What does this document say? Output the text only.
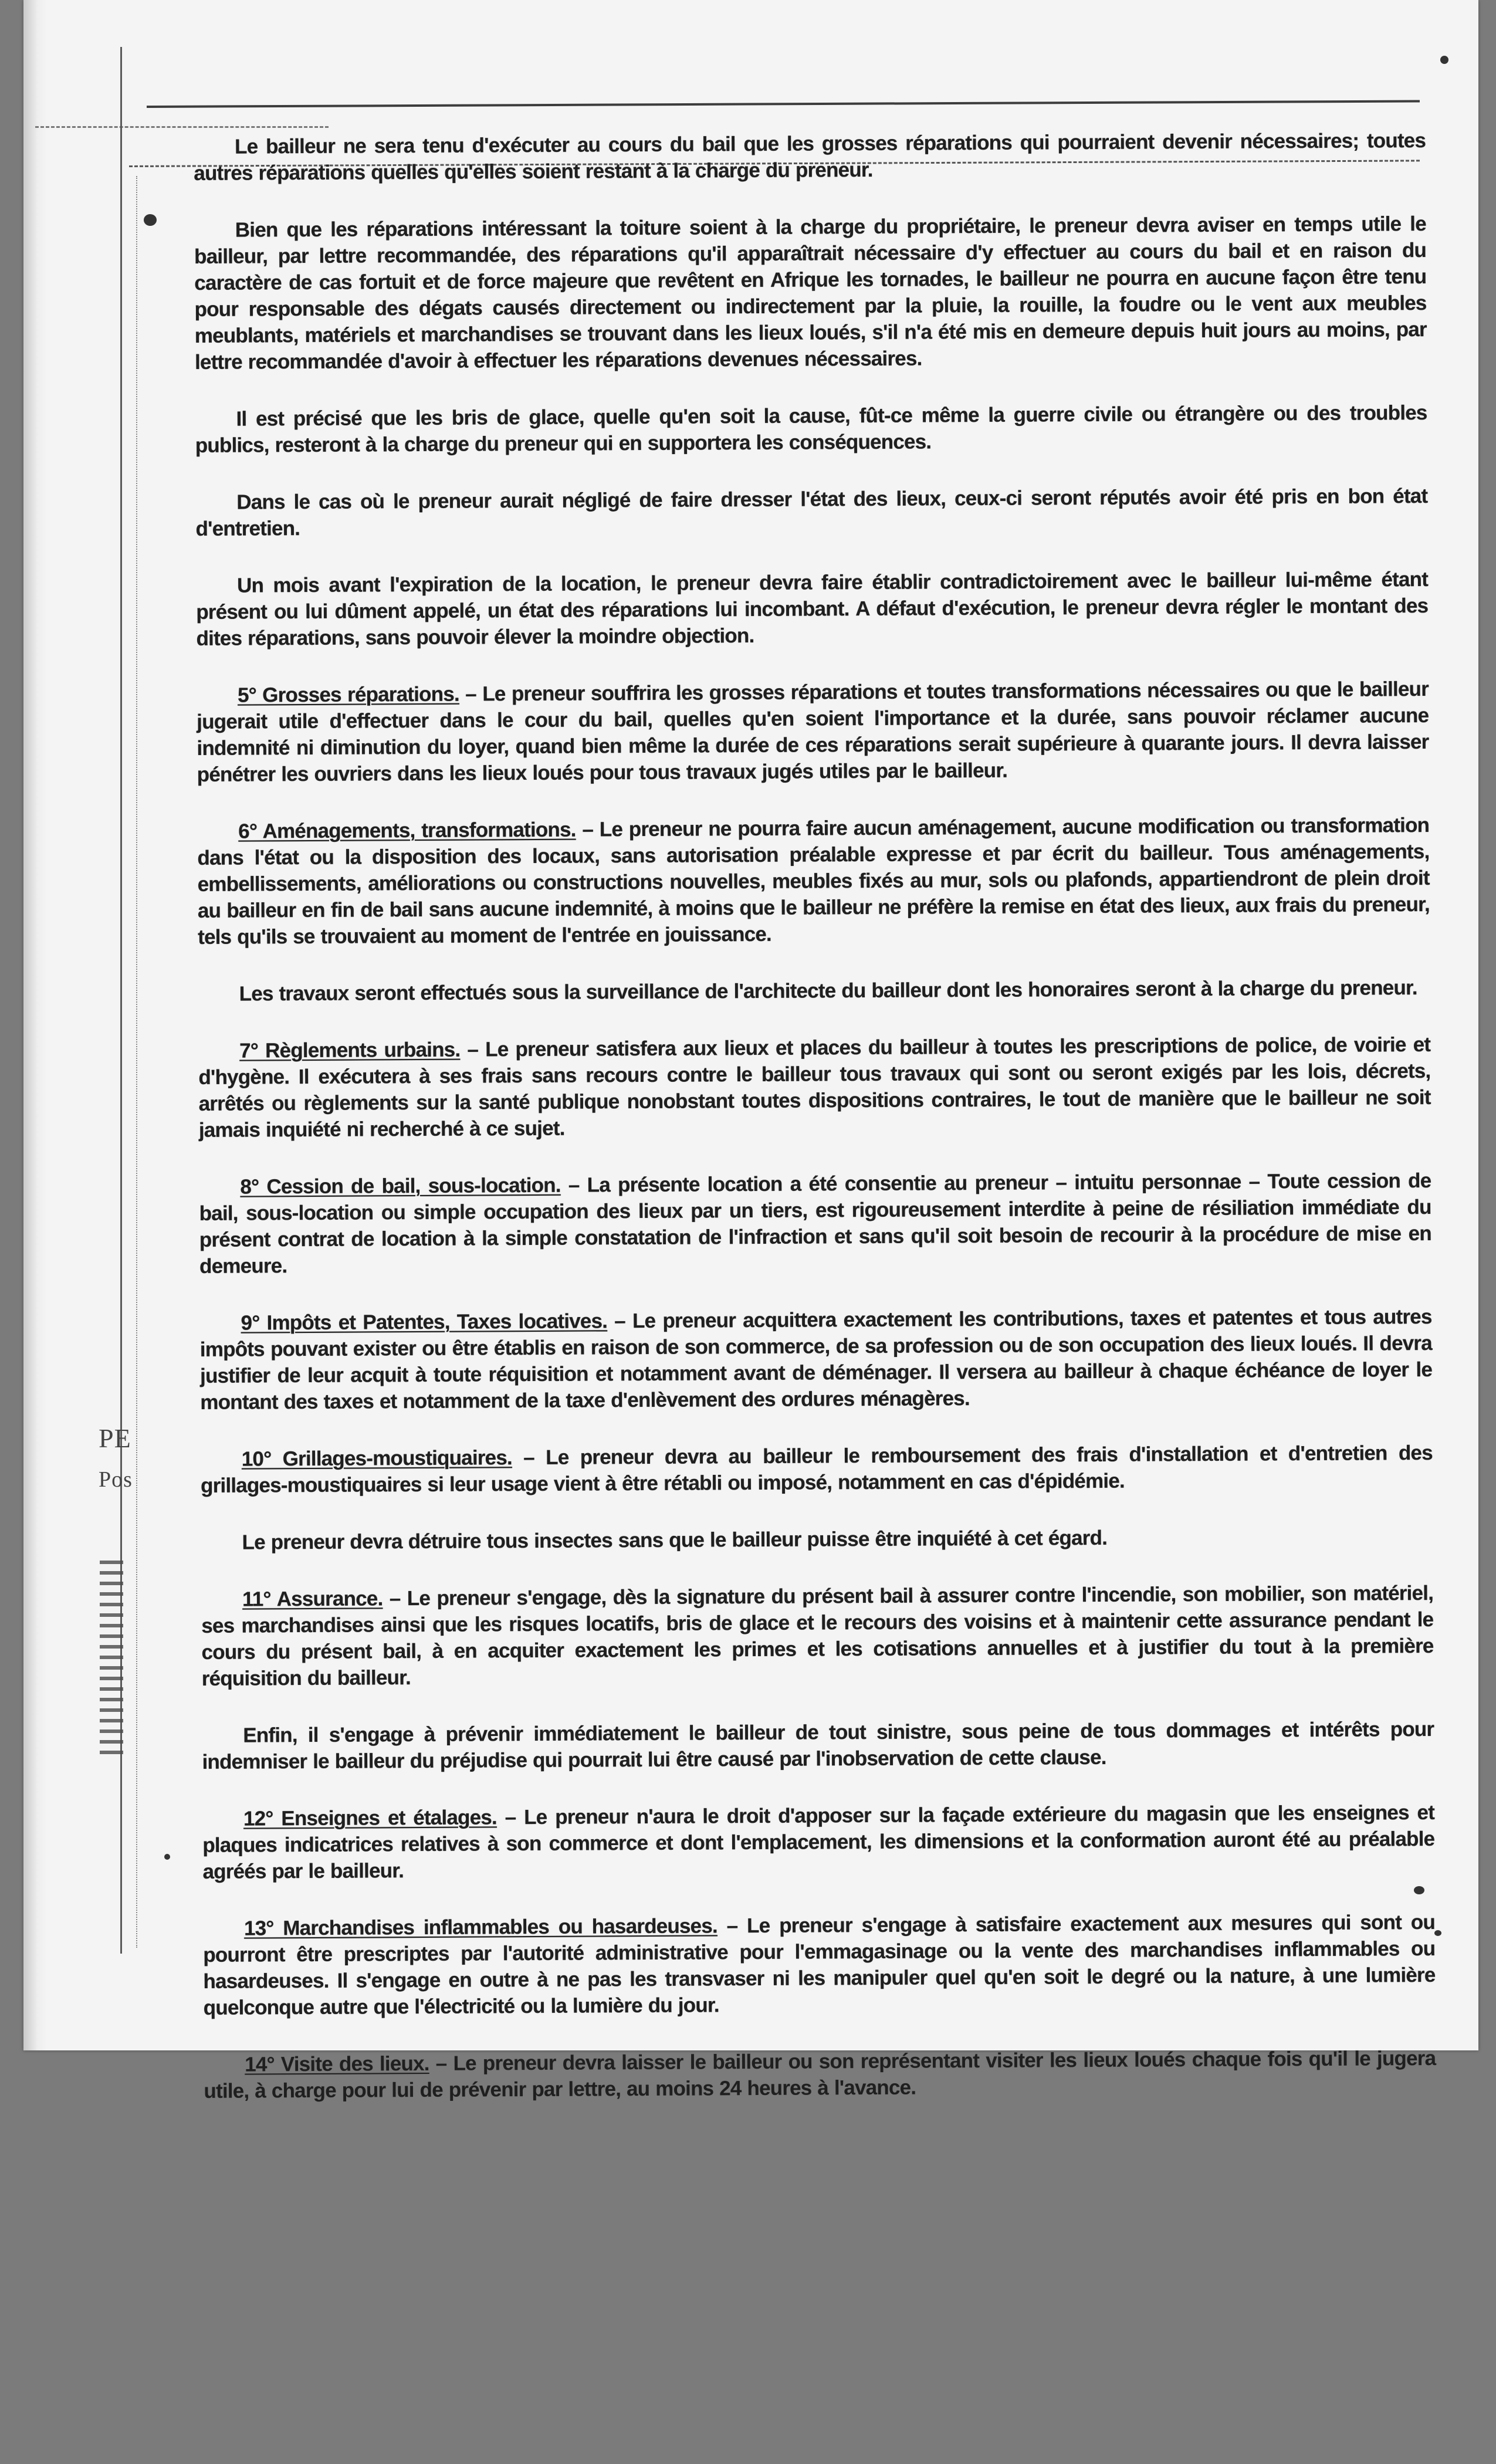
PE
Pos

Le bailleur ne sera tenu d'exécuter au cours du bail que les grosses réparations qui pourraient devenir nécessaires; toutes autres réparations quelles qu'elles soient restant à la charge du preneur.

Bien que les réparations intéressant la toiture soient à la charge du propriétaire, le preneur devra aviser en temps utile le bailleur, par lettre recommandée, des réparations qu'il apparaîtrait nécessaire d'y effectuer au cours du bail et en raison du caractère de cas fortuit et de force majeure que revêtent en Afrique les tornades, le bailleur ne pourra en aucune façon être tenu pour responsable des dégats causés directement ou indirectement par la pluie, la rouille, la foudre ou le vent aux meubles meublants, matériels et marchandises se trouvant dans les lieux loués, s'il n'a été mis en demeure depuis huit jours au moins, par lettre recommandée d'avoir à effectuer les réparations devenues nécessaires.

Il est précisé que les bris de glace, quelle qu'en soit la cause, fût-ce même la guerre civile ou étrangère ou des troubles publics, resteront à la charge du preneur qui en supportera les conséquences.

Dans le cas où le preneur aurait négligé de faire dresser l'état des lieux, ceux-ci seront réputés avoir été pris en bon état d'entretien.

Un mois avant l'expiration de la location, le preneur devra faire établir contradictoirement avec le bailleur lui-même étant présent ou lui dûment appelé, un état des réparations lui incombant. A défaut d'exécution, le preneur devra régler le montant des dites réparations, sans pouvoir élever la moindre objection.

5° Grosses réparations. – Le preneur souffrira les grosses réparations et toutes transformations nécessaires ou que le bailleur jugerait utile d'effectuer dans le cour du bail, quelles qu'en soient l'importance et la durée, sans pouvoir réclamer aucune indemnité ni diminution du loyer, quand bien même la durée de ces réparations serait supérieure à quarante jours. Il devra laisser pénétrer les ouvriers dans les lieux loués pour tous travaux jugés utiles par le bailleur.

6° Aménagements, transformations. – Le preneur ne pourra faire aucun aménagement, aucune modification ou transformation dans l'état ou la disposition des locaux, sans autorisation préalable expresse et par écrit du bailleur. Tous aménagements, embellissements, améliorations ou constructions nouvelles, meubles fixés au mur, sols ou plafonds, appartiendront de plein droit au bailleur en fin de bail sans aucune indemnité, à moins que le bailleur ne préfère la remise en état des lieux, aux frais du preneur, tels qu'ils se trouvaient au moment de l'entrée en jouissance.

Les travaux seront effectués sous la surveillance de l'architecte du bailleur dont les honoraires seront à la charge du preneur.

7° Règlements urbains. – Le preneur satisfera aux lieux et places du bailleur à toutes les prescriptions de police, de voirie et d'hygène. Il exécutera à ses frais sans recours contre le bailleur tous travaux qui sont ou seront exigés par les lois, décrets, arrêtés ou règlements sur la santé publique nonobstant toutes dispositions contraires, le tout de manière que le bailleur ne soit jamais inquiété ni recherché à ce sujet.

8° Cession de bail, sous-location. – La présente location a été consentie au preneur – intuitu personnae – Toute cession de bail, sous-location ou simple occupation des lieux par un tiers, est rigoureusement interdite à peine de résiliation immédiate du présent contrat de location à la simple constatation de l'infraction et sans qu'il soit besoin de recourir à la procédure de mise en demeure.

9° Impôts et Patentes, Taxes locatives. – Le preneur acquittera exactement les contributions, taxes et patentes et tous autres impôts pouvant exister ou être établis en raison de son commerce, de sa profession ou de son occupation des lieux loués. Il devra justifier de leur acquit à toute réquisition et notamment avant de déménager. Il versera au bailleur à chaque échéance de loyer le montant des taxes et notamment de la taxe d'enlèvement des ordures ménagères.

10° Grillages-moustiquaires. – Le preneur devra au bailleur le remboursement des frais d'installation et d'entretien des grillages-moustiquaires si leur usage vient à être rétabli ou imposé, notamment en cas d'épidémie.

Le preneur devra détruire tous insectes sans que le bailleur puisse être inquiété à cet égard.

11° Assurance. – Le preneur s'engage, dès la signature du présent bail à assurer contre l'incendie, son mobilier, son matériel, ses marchandises ainsi que les risques locatifs, bris de glace et le recours des voisins et à maintenir cette assurance pendant le cours du présent bail, à en acquiter exactement les primes et les cotisations annuelles et à justifier du tout à la première réquisition du bailleur.

Enfin, il s'engage à prévenir immédiatement le bailleur de tout sinistre, sous peine de tous dommages et intérêts pour indemniser le bailleur du préjudise qui pourrait lui être causé par l'inobservation de cette clause.

12° Enseignes et étalages. – Le preneur n'aura le droit d'apposer sur la façade extérieure du magasin que les enseignes et plaques indicatrices relatives à son commerce et dont l'emplacement, les dimensions et la conformation auront été au préalable agréés par le bailleur.

13° Marchandises inflammables ou hasardeuses. – Le preneur s'engage à satisfaire exactement aux mesures qui sont ou pourront être prescriptes par l'autorité administrative pour l'emmagasinage ou la vente des marchandises inflammables ou hasardeuses. Il s'engage en outre à ne pas les transvaser ni les manipuler quel qu'en soit le degré ou la nature, à une lumière quelconque autre que l'électricité ou la lumière du jour.

14° Visite des lieux. – Le preneur devra laisser le bailleur ou son représentant visiter les lieux loués chaque fois qu'il le jugera utile, à charge pour lui de prévenir par lettre, au moins 24 heures à l'avance.
